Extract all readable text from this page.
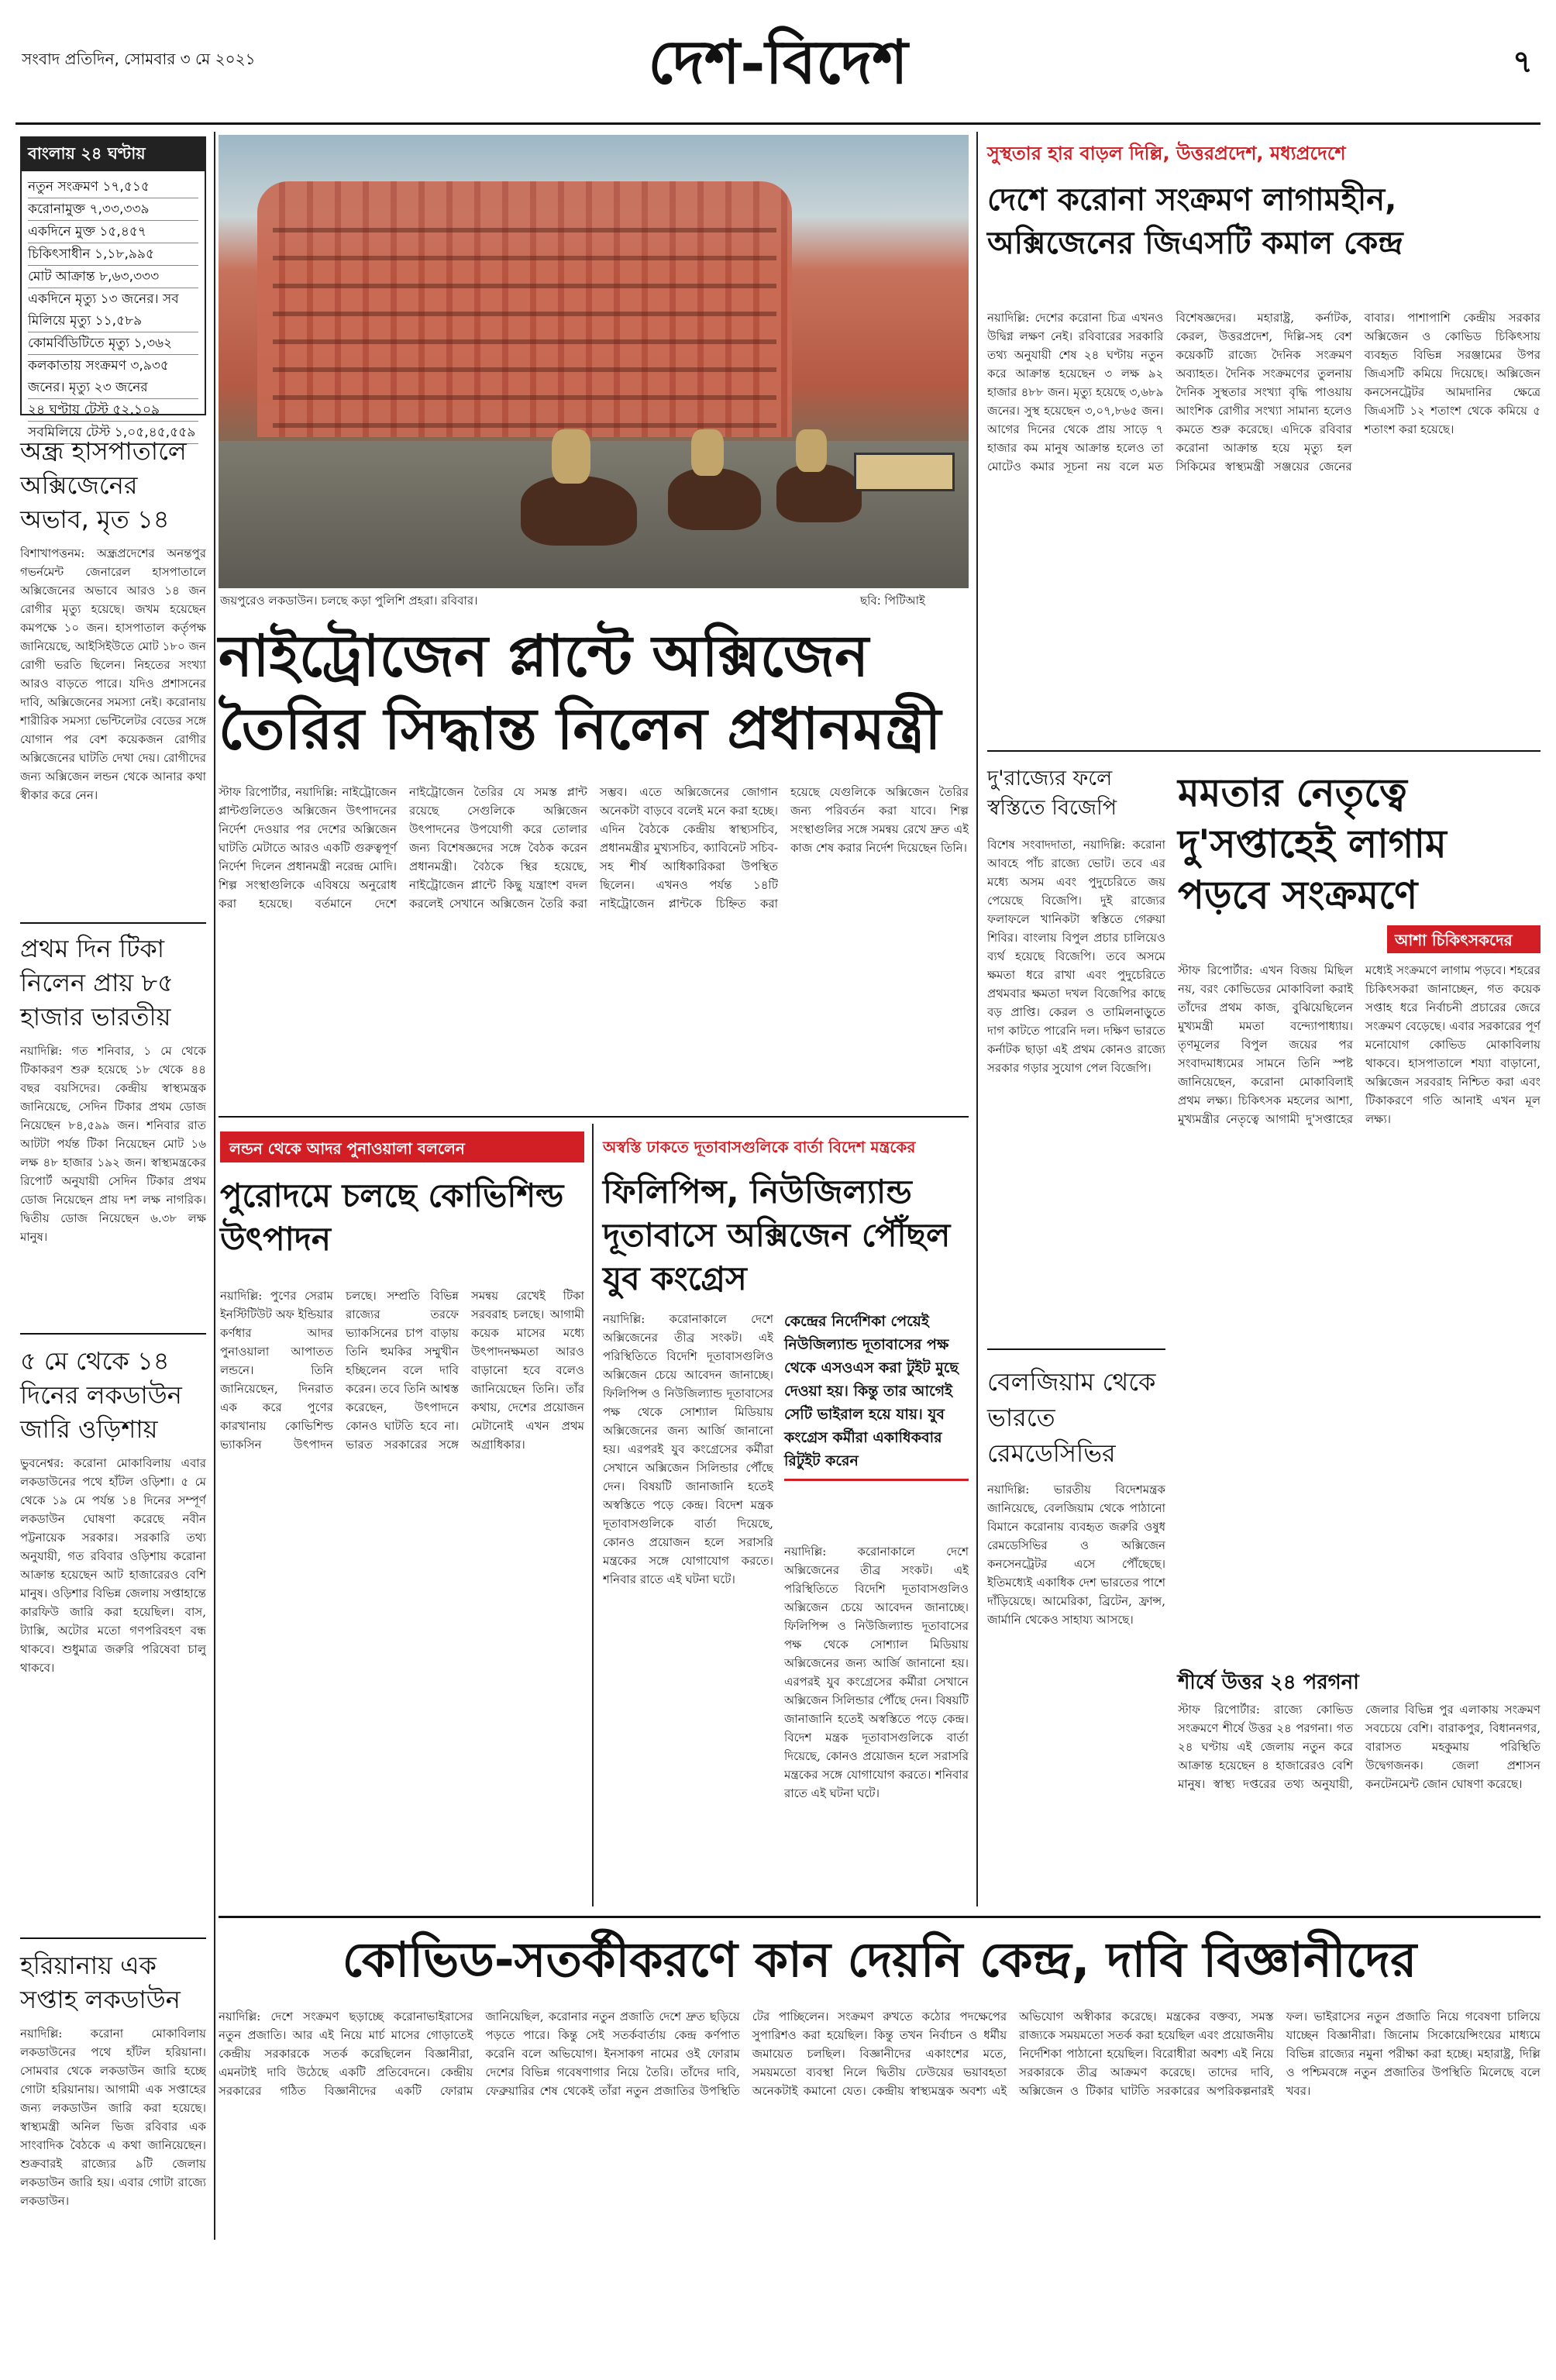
সংবাদ প্রতিদিন, সোমবার ৩ মে ২০২১	দেশ-বিদেশ	৭
বাংলায় ২৪ ঘণ্টায়
নতুন সংক্রমণ ১৭,৫১৫
করোনামুক্ত ৭,৩৩,৩৩৯
একদিনে মুক্ত ১৫,৪৫৭
চিকিৎসাধীন ১,১৮,৯৯৫
মোট আক্রান্ত ৮,৬৩,৩৩৩
একদিনে মৃত্যু ১৩ জনের। সব মিলিয়ে মৃত্যু ১১,৫৮৯
কোমর্বিডিটিতে মৃত্যু ১,৩৬২
কলকাতায় সংক্রমণ ৩,৯৩৫ জনের। মৃত্যু ২৩ জনের
২৪ ঘণ্টায় টেস্ট ৫২,১০৯
সবমিলিয়ে টেস্ট ১,০৫,৪৫,৫৫৯
অন্ধ্র হাসপাতালে অক্সিজেনের অভাব, মৃত ১৪
বিশাখাপত্তনম: অন্ধ্রপ্রদেশের অনন্তপুর গভর্নমেন্ট জেনারেল হাসপাতালে অক্সিজেনের অভাবে আরও ১৪ জন রোগীর মৃত্যু হয়েছে। জখম হয়েছেন কমপক্ষে ১০ জন। হাসপাতাল কর্তৃপক্ষ জানিয়েছে, আইসিইউতে মোট ১৮০ জন রোগী ভরতি ছিলেন। নিহতের সংখ্যা আরও বাড়তে পারে। যদিও প্রশাসনের দাবি, অক্সিজেনের সমস্যা নেই। করোনায় শারীরিক সমস্যা ভেন্টিলেটর বেডের সঙ্গে যোগান পর বেশ কয়েকজন রোগীর অক্সিজেনের ঘাটতি দেখা দেয়। রোগীদের জন্য অক্সিজেন লন্ডন থেকে আনার কথা স্বীকার করে নেন।
প্রথম দিন টিকা নিলেন প্রায় ৮৫ হাজার ভারতীয়
নয়াদিল্লি: গত শনিবার, ১ মে থেকে টিকাকরণ শুরু হয়েছে ১৮ থেকে ৪৪ বছর বয়সিদের। কেন্দ্রীয় স্বাস্থ্যমন্ত্রক জানিয়েছে, সেদিন টিকার প্রথম ডোজ নিয়েছেন ৮৪,৫৯৯ জন। শনিবার রাত আটটা পর্যন্ত টিকা নিয়েছেন মোট ১৬ লক্ষ ৪৮ হাজার ১৯২ জন। স্বাস্থ্যমন্ত্রকের রিপোর্ট অনুযায়ী সেদিন টিকার প্রথম ডোজ নিয়েছেন প্রায় দশ লক্ষ নাগরিক। দ্বিতীয় ডোজ নিয়েছেন ৬.৩৮ লক্ষ মানুষ।
৫ মে থেকে ১৪ দিনের লকডাউন জারি ওড়িশায়
ভুবনেশ্বর: করোনা মোকাবিলায় এবার লকডাউনের পথে হাঁটল ওড়িশা। ৫ মে থেকে ১৯ মে পর্যন্ত ১৪ দিনের সম্পূর্ণ লকডাউন ঘোষণা করেছে নবীন পট্টনায়েক সরকার। সরকারি তথ্য অনুযায়ী, গত রবিবার ওড়িশায় করোনা আক্রান্ত হয়েছেন আট হাজারেরও বেশি মানুষ। ওড়িশার বিভিন্ন জেলায় সপ্তাহান্তে কারফিউ জারি করা হয়েছিল। বাস, ট্যাক্সি, অটোর মতো গণপরিবহণ বন্ধ থাকবে। শুধুমাত্র জরুরি পরিষেবা চালু থাকবে।
হরিয়ানায় এক সপ্তাহ লকডাউন
নয়াদিল্লি: করোনা মোকাবিলায় লকডাউনের পথে হাঁটল হরিয়ানা। সোমবার থেকে লকডাউন জারি হচ্ছে গোটা হরিয়ানায়। আগামী এক সপ্তাহের জন্য লকডাউন জারি করা হয়েছে। স্বাস্থ্যমন্ত্রী অনিল ভিজ রবিবার এক সাংবাদিক বৈঠকে এ কথা জানিয়েছেন। শুক্রবারই রাজ্যের ৯টি জেলায় লকডাউন জারি হয়। এবার গোটা রাজ্যে লকডাউন।
জয়পুরেও লকডাউন। চলছে কড়া পুলিশি প্রহরা। রবিবার।	ছবি: পিটিআই
নাইট্রোজেন প্লান্টে অক্সিজেন তৈরির সিদ্ধান্ত নিলেন প্রধানমন্ত্রী
স্টাফ রিপোর্টার, নয়াদিল্লি: নাইট্রোজেন প্লান্টগুলিতেও অক্সিজেন উৎপাদনের নির্দেশ দেওয়ার পর দেশের অক্সিজেন ঘাটতি মেটাতে আরও একটি গুরুত্বপূর্ণ নির্দেশ দিলেন প্রধানমন্ত্রী নরেন্দ্র মোদি। শিল্প সংস্থাগুলিকে এবিষয়ে অনুরোধ করা হয়েছে। বর্তমানে দেশে নাইট্রোজেন তৈরির যে সমস্ত প্লান্ট রয়েছে সেগুলিকে অক্সিজেন উৎপাদনের উপযোগী করে তোলার জন্য বিশেষজ্ঞদের সঙ্গে বৈঠক করেন প্রধানমন্ত্রী। বৈঠকে স্থির হয়েছে, নাইট্রোজেন প্লান্টে কিছু যন্ত্রাংশ বদল করলেই সেখানে অক্সিজেন তৈরি করা সম্ভব। এতে অক্সিজেনের জোগান অনেকটা বাড়বে বলেই মনে করা হচ্ছে। এদিন বৈঠকে কেন্দ্রীয় স্বাস্থ্যসচিব, প্রধানমন্ত্রীর মুখ্যসচিব, ক্যাবিনেট সচিব-সহ শীর্ষ আধিকারিকরা উপস্থিত ছিলেন। এখনও পর্যন্ত ১৪টি নাইট্রোজেন প্লান্টকে চিহ্নিত করা হয়েছে যেগুলিকে অক্সিজেন তৈরির জন্য পরিবর্তন করা যাবে। শিল্প সংস্থাগুলির সঙ্গে সমন্বয় রেখে দ্রুত এই কাজ শেষ করার নির্দেশ দিয়েছেন তিনি।
লন্ডন থেকে আদর পুনাওয়ালা বললেন
পুরোদমে চলছে কোভিশিল্ড উৎপাদন
নয়াদিল্লি: পুণের সেরাম ইনস্টিটিউট অফ ইন্ডিয়ার কর্ণধার আদর পুনাওয়ালা আপাতত লন্ডনে। তিনি জানিয়েছেন, দিনরাত এক করে পুণের কারখানায় কোভিশিল্ড ভ্যাকসিন উৎপাদন চলছে। সম্প্রতি বিভিন্ন রাজ্যের তরফে ভ্যাকসিনের চাপ বাড়ায় তিনি হুমকির সম্মুখীন হচ্ছিলেন বলে দাবি করেন। তবে তিনি আশ্বস্ত করেছেন, উৎপাদনে কোনও ঘাটতি হবে না। ভারত সরকারের সঙ্গে সমন্বয় রেখেই টিকা সরবরাহ চলছে। আগামী কয়েক মাসের মধ্যে উৎপাদনক্ষমতা আরও বাড়ানো হবে বলেও জানিয়েছেন তিনি। তাঁর কথায়, দেশের প্রয়োজন মেটানোই এখন প্রথম অগ্রাধিকার।
অস্বস্তি ঢাকতে দূতাবাসগুলিকে বার্তা বিদেশ মন্ত্রকের
ফিলিপিন্স, নিউজিল্যান্ড দূতাবাসে অক্সিজেন পৌঁছল যুব কংগ্রেস
নয়াদিল্লি: করোনাকালে দেশে অক্সিজেনের তীব্র সংকট। এই পরিস্থিতিতে বিদেশি দূতাবাসগুলিও অক্সিজেন চেয়ে আবেদন জানাচ্ছে। ফিলিপিন্স ও নিউজিল্যান্ড দূতাবাসের পক্ষ থেকে সোশ্যাল মিডিয়ায় অক্সিজেনের জন্য আর্জি জানানো হয়। এরপরই যুব কংগ্রেসের কর্মীরা সেখানে অক্সিজেন সিলিন্ডার পৌঁছে দেন। বিষয়টি জানাজানি হতেই অস্বস্তিতে পড়ে কেন্দ্র। বিদেশ মন্ত্রক দূতাবাসগুলিকে বার্তা দিয়েছে, কোনও প্রয়োজন হলে সরাসরি মন্ত্রকের সঙ্গে যোগাযোগ করতে। শনিবার রাতে এই ঘটনা ঘটে।
কেন্দ্রের নির্দেশিকা পেয়েই নিউজিল্যান্ড দূতাবাসের পক্ষ থেকে এসওএস করা টুইট মুছে দেওয়া হয়। কিন্তু তার আগেই সেটি ভাইরাল হয়ে যায়। যুব কংগ্রেস কর্মীরা একাধিকবার রিটুইট করেন
নয়াদিল্লি: করোনাকালে দেশে অক্সিজেনের তীব্র সংকট। এই পরিস্থিতিতে বিদেশি দূতাবাসগুলিও অক্সিজেন চেয়ে আবেদন জানাচ্ছে। ফিলিপিন্স ও নিউজিল্যান্ড দূতাবাসের পক্ষ থেকে সোশ্যাল মিডিয়ায় অক্সিজেনের জন্য আর্জি জানানো হয়। এরপরই যুব কংগ্রেসের কর্মীরা সেখানে অক্সিজেন সিলিন্ডার পৌঁছে দেন। বিষয়টি জানাজানি হতেই অস্বস্তিতে পড়ে কেন্দ্র। বিদেশ মন্ত্রক দূতাবাসগুলিকে বার্তা দিয়েছে, কোনও প্রয়োজন হলে সরাসরি মন্ত্রকের সঙ্গে যোগাযোগ করতে। শনিবার রাতে এই ঘটনা ঘটে।
সুস্থতার হার বাড়ল দিল্লি, উত্তরপ্রদেশ, মধ্যপ্রদেশে
দেশে করোনা সংক্রমণ লাগামহীন, অক্সিজেনের জিএসটি কমাল কেন্দ্র
নয়াদিল্লি: দেশের করোনা চিত্র এখনও উদ্বিগ্ন লক্ষণ নেই। রবিবারের সরকারি তথ্য অনুযায়ী শেষ ২৪ ঘণ্টায় নতুন করে আক্রান্ত হয়েছেন ৩ লক্ষ ৯২ হাজার ৪৮৮ জন। মৃত্যু হয়েছে ৩,৬৮৯ জনের। সুস্থ হয়েছেন ৩,০৭,৮৬৫ জন। আগের দিনের থেকে প্রায় সাড়ে ৭ হাজার কম মানুষ আক্রান্ত হলেও তা মোটেও কমার সূচনা নয় বলে মত বিশেষজ্ঞদের। মহারাষ্ট্র, কর্নাটক, কেরল, উত্তরপ্রদেশ, দিল্লি-সহ বেশ কয়েকটি রাজ্যে দৈনিক সংক্রমণ অব্যাহত। দৈনিক সংক্রমণের তুলনায় দৈনিক সুস্থতার সংখ্যা বৃদ্ধি পাওয়ায় আংশিক রোগীর সংখ্যা সামান্য হলেও কমতে শুরু করেছে। এদিকে রবিবার করোনা আক্রান্ত হয়ে মৃত্যু হল সিকিমের স্বাস্থ্যমন্ত্রী সঞ্জয়ের জেনের বাবার। পাশাপাশি কেন্দ্রীয় সরকার অক্সিজেন ও কোভিড চিকিৎসায় ব্যবহৃত বিভিন্ন সরঞ্জামের উপর জিএসটি কমিয়ে দিয়েছে। অক্সিজেন কনসেনট্রেটর আমদানির ক্ষেত্রে জিএসটি ১২ শতাংশ থেকে কমিয়ে ৫ শতাংশ করা হয়েছে।
দু'রাজ্যের ফলে স্বস্তিতে বিজেপি
বিশেষ সংবাদদাতা, নয়াদিল্লি: করোনা আবহে পাঁচ রাজ্যে ভোট। তবে এর মধ্যে অসম এবং পুদুচেরিতে জয় পেয়েছে বিজেপি। দুই রাজ্যের ফলাফলে খানিকটা স্বস্তিতে গেরুয়া শিবির। বাংলায় বিপুল প্রচার চালিয়েও ব্যর্থ হয়েছে বিজেপি। তবে অসমে ক্ষমতা ধরে রাখা এবং পুদুচেরিতে প্রথমবার ক্ষমতা দখল বিজেপির কাছে বড় প্রাপ্তি। কেরল ও তামিলনাড়ুতে দাগ কাটতে পারেনি দল। দক্ষিণ ভারতে কর্নাটক ছাড়া এই প্রথম কোনও রাজ্যে সরকার গড়ার সুযোগ পেল বিজেপি।
মমতার নেতৃত্বে দু'সপ্তাহেই লাগাম পড়বে সংক্রমণে
আশা চিকিৎসকদের
স্টাফ রিপোর্টার: এখন বিজয় মিছিল নয়, বরং কোভিডের মোকাবিলা করাই তাঁদের প্রথম কাজ, বুঝিয়েছিলেন মুখ্যমন্ত্রী মমতা বন্দ্যোপাধ্যায়। তৃণমূলের বিপুল জয়ের পর সংবাদমাধ্যমের সামনে তিনি স্পষ্ট জানিয়েছেন, করোনা মোকাবিলাই প্রথম লক্ষ্য। চিকিৎসক মহলের আশা, মুখ্যমন্ত্রীর নেতৃত্বে আগামী দু'সপ্তাহের মধ্যেই সংক্রমণে লাগাম পড়বে। শহরের চিকিৎসকরা জানাচ্ছেন, গত কয়েক সপ্তাহ ধরে নির্বাচনী প্রচারের জেরে সংক্রমণ বেড়েছে। এবার সরকারের পূর্ণ মনোযোগ কোভিড মোকাবিলায় থাকবে। হাসপাতালে শয্যা বাড়ানো, অক্সিজেন সরবরাহ নিশ্চিত করা এবং টিকাকরণে গতি আনাই এখন মূল লক্ষ্য।
বেলজিয়াম থেকে ভারতে রেমডেসিভির
নয়াদিল্লি: ভারতীয় বিদেশমন্ত্রক জানিয়েছে, বেলজিয়াম থেকে পাঠানো বিমানে করোনায় ব্যবহৃত জরুরি ওষুধ রেমডেসিভির ও অক্সিজেন কনসেনট্রেটর এসে পৌঁছেছে। ইতিমধ্যেই একাধিক দেশ ভারতের পাশে দাঁড়িয়েছে। আমেরিকা, ব্রিটেন, ফ্রান্স, জার্মানি থেকেও সাহায্য আসছে।
শীর্ষে উত্তর ২৪ পরগনা
স্টাফ রিপোর্টার: রাজ্যে কোভিড সংক্রমণে শীর্ষে উত্তর ২৪ পরগনা। গত ২৪ ঘণ্টায় এই জেলায় নতুন করে আক্রান্ত হয়েছেন ৪ হাজারেরও বেশি মানুষ। স্বাস্থ্য দপ্তরের তথ্য অনুযায়ী, জেলার বিভিন্ন পুর এলাকায় সংক্রমণ সবচেয়ে বেশি। বারাকপুর, বিধাননগর, বারাসত মহকুমায় পরিস্থিতি উদ্বেগজনক। জেলা প্রশাসন কনটেনমেন্ট জোন ঘোষণা করেছে।
কোভিড-সতর্কীকরণে কান দেয়নি কেন্দ্র, দাবি বিজ্ঞানীদের
নয়াদিল্লি: দেশে সংক্রমণ ছড়াচ্ছে করোনাভাইরাসের নতুন প্রজাতি। আর এই নিয়ে মার্চ মাসের গোড়াতেই কেন্দ্রীয় সরকারকে সতর্ক করেছিলেন বিজ্ঞানীরা, এমনটাই দাবি উঠেছে একটি প্রতিবেদনে। কেন্দ্রীয় সরকারের গঠিত বিজ্ঞানীদের একটি ফোরাম জানিয়েছিল, করোনার নতুন প্রজাতি দেশে দ্রুত ছড়িয়ে পড়তে পারে। কিন্তু সেই সতর্কবার্তায় কেন্দ্র কর্ণপাত করেনি বলে অভিযোগ। ইনসাকগ নামের ওই ফোরাম দেশের বিভিন্ন গবেষণাগার নিয়ে তৈরি। তাঁদের দাবি, ফেব্রুয়ারির শেষ থেকেই তাঁরা নতুন প্রজাতির উপস্থিতি টের পাচ্ছিলেন। সংক্রমণ রুখতে কঠোর পদক্ষেপের সুপারিশও করা হয়েছিল। কিন্তু তখন নির্বাচন ও ধর্মীয় জমায়েত চলছিল। বিজ্ঞানীদের একাংশের মতে, সময়মতো ব্যবস্থা নিলে দ্বিতীয় ঢেউয়ের ভয়াবহতা অনেকটাই কমানো যেত। কেন্দ্রীয় স্বাস্থ্যমন্ত্রক অবশ্য এই অভিযোগ অস্বীকার করেছে। মন্ত্রকের বক্তব্য, সমস্ত রাজ্যকে সময়মতো সতর্ক করা হয়েছিল এবং প্রয়োজনীয় নির্দেশিকা পাঠানো হয়েছিল। বিরোধীরা অবশ্য এই নিয়ে সরকারকে তীব্র আক্রমণ করেছে। তাদের দাবি, অক্সিজেন ও টিকার ঘাটতি সরকারের অপরিকল্পনারই ফল। ভাইরাসের নতুন প্রজাতি নিয়ে গবেষণা চালিয়ে যাচ্ছেন বিজ্ঞানীরা। জিনোম সিকোয়েন্সিংয়ের মাধ্যমে বিভিন্ন রাজ্যের নমুনা পরীক্ষা করা হচ্ছে। মহারাষ্ট্র, দিল্লি ও পশ্চিমবঙ্গে নতুন প্রজাতির উপস্থিতি মিলেছে বলে খবর।
